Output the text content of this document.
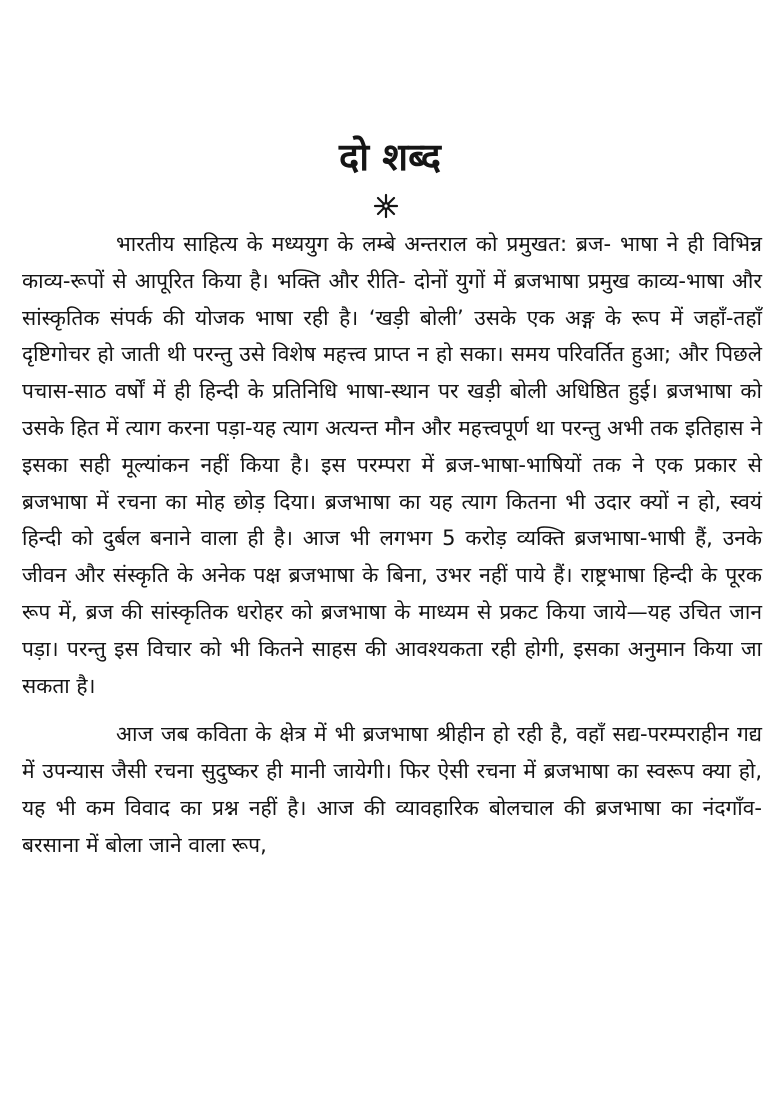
दो शब्द

भारतीय साहित्य के मध्ययुग के लम्बे अन्तराल को प्रमुखत: ब्रज- भाषा ने ही विभिन्न काव्य-रूपों से आपूरित किया है। भक्ति और रीति- दोनों युगों में ब्रजभाषा प्रमुख काव्य-भाषा और सांस्कृतिक संपर्क की योजक भाषा रही है। ‘खड़ी बोली’ उसके एक अङ्ग के रूप में जहाँ-तहाँ दृष्टिगोचर हो जाती थी परन्तु उसे विशेष महत्त्व प्राप्त न हो सका। समय परिवर्तित हुआ; और पिछले पचास-साठ वर्षों में ही हिन्दी के प्रतिनिधि भाषा-स्थान पर खड़ी बोली अधिष्ठित हुई। ब्रजभाषा को उसके हित में त्याग करना पड़ा-यह त्याग अत्यन्त मौन और महत्त्वपूर्ण था परन्तु अभी तक इतिहास ने इसका सही मूल्यांकन नहीं किया है। इस परम्परा में ब्रज-भाषा-भाषियों तक ने एक प्रकार से ब्रजभाषा में रचना का मोह छोड़ दिया। ब्रजभाषा का यह त्याग कितना भी उदार क्यों न हो, स्वयं हिन्दी को दुर्बल बनाने वाला ही है। आज भी लगभग 5 करोड़ व्यक्ति ब्रजभाषा-भाषी हैं, उनके जीवन और संस्कृति के अनेक पक्ष ब्रजभाषा के बिना, उभर नहीं पाये हैं। राष्ट्रभाषा हिन्दी के पूरक रूप में, ब्रज की सांस्कृतिक धरोहर को ब्रजभाषा के माध्यम से प्रकट किया जाये—यह उचित जान पड़ा। परन्तु इस विचार को भी कितने साहस की आवश्यकता रही होगी, इसका अनुमान किया जा सकता है।

आज जब कविता के क्षेत्र में भी ब्रजभाषा श्रीहीन हो रही है, वहाँ सद्य-परम्पराहीन गद्य में उपन्यास जैसी रचना सुदुष्कर ही मानी जायेगी। फिर ऐसी रचना में ब्रजभाषा का स्वरूप क्या हो, यह भी कम विवाद का प्रश्न नहीं है। आज की व्यावहारिक बोलचाल की ब्रजभाषा का नंदगाँव-बरसाना में बोला जाने वाला रूप,
